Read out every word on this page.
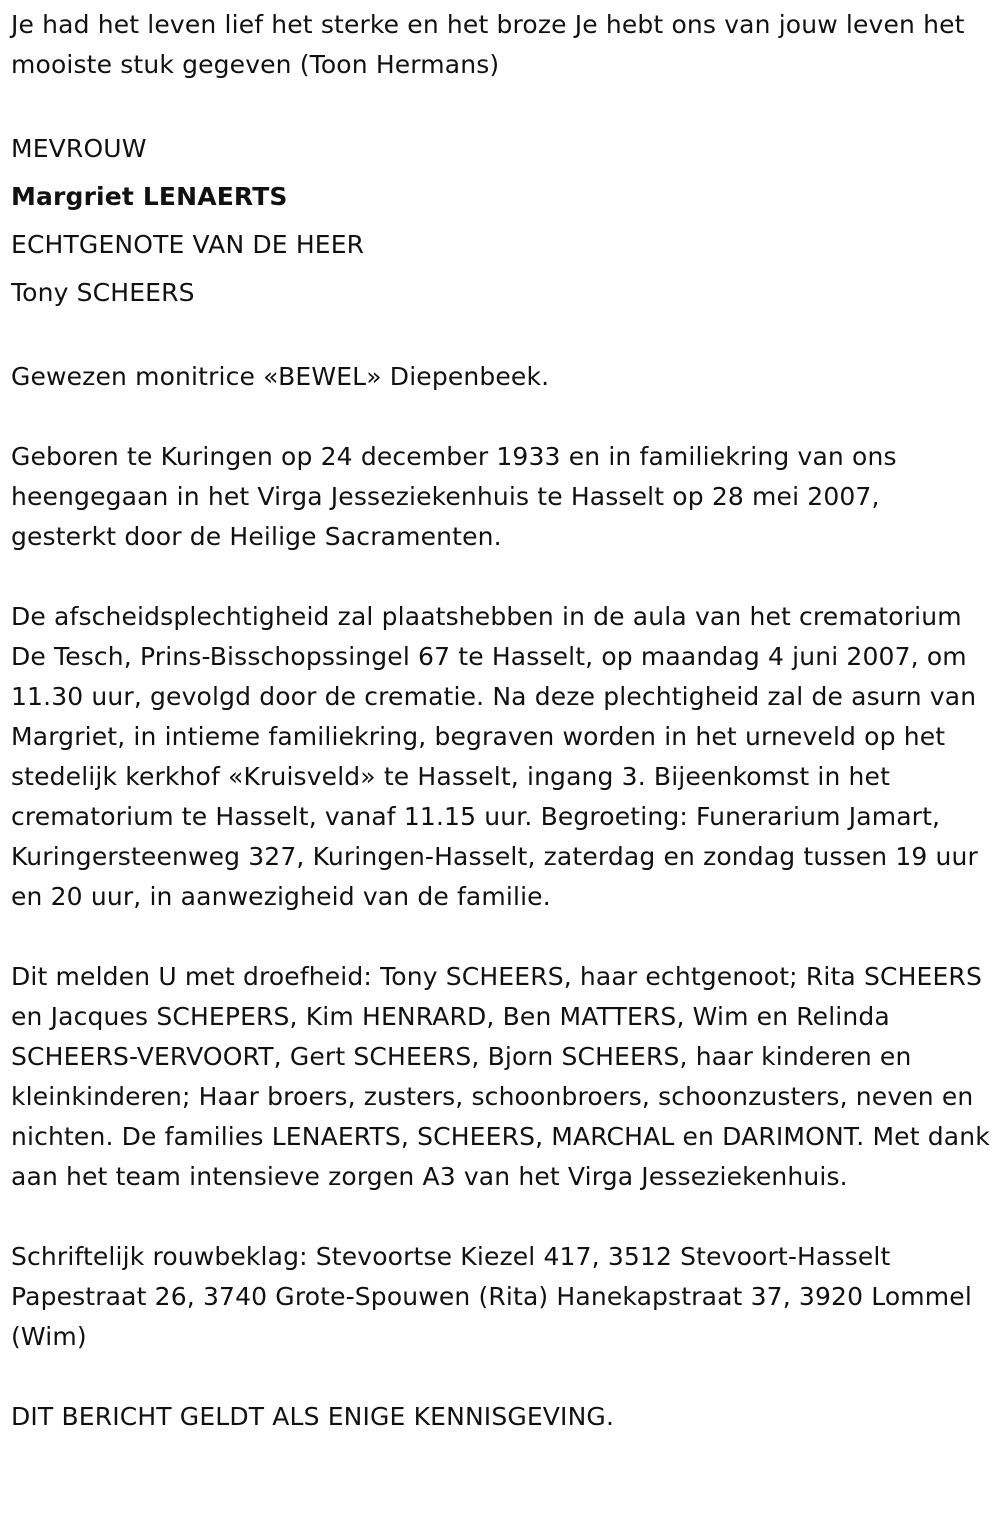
Je had het leven lief het sterke en het broze Je hebt ons van jouw leven het mooiste stuk gegeven (Toon Hermans)

MEVROUW

Margriet LENAERTS

ECHTGENOTE VAN DE HEER

Tony SCHEERS

Gewezen monitrice «BEWEL» Diepenbeek.

Geboren te Kuringen op 24 december 1933 en in familiekring van ons heengegaan in het Virga Jesseziekenhuis te Hasselt op 28 mei 2007, gesterkt door de Heilige Sacramenten.

De afscheidsplechtigheid zal plaatshebben in de aula van het crematorium De Tesch, Prins-Bisschopssingel 67 te Hasselt, op maandag 4 juni 2007, om 11.30 uur, gevolgd door de crematie. Na deze plechtigheid zal de asurn van Margriet, in intieme familiekring, begraven worden in het urneveld op het stedelijk kerkhof «Kruisveld» te Hasselt, ingang 3. Bijeenkomst in het crematorium te Hasselt, vanaf 11.15 uur. Begroeting: Funerarium Jamart, Kuringersteenweg 327, Kuringen-Hasselt, zaterdag en zondag tussen 19 uur en 20 uur, in aanwezigheid van de familie.

Dit melden U met droefheid: Tony SCHEERS, haar echtgenoot; Rita SCHEERS en Jacques SCHEPERS, Kim HENRARD, Ben MATTERS, Wim en Relinda SCHEERS-VERVOORT, Gert SCHEERS, Bjorn SCHEERS, haar kinderen en kleinkinderen; Haar broers, zusters, schoonbroers, schoonzusters, neven en nichten. De families LENAERTS, SCHEERS, MARCHAL en DARIMONT. Met dank aan het team intensieve zorgen A3 van het Virga Jesseziekenhuis.

Schriftelijk rouwbeklag: Stevoortse Kiezel 417, 3512 Stevoort-Hasselt Papestraat 26, 3740 Grote-Spouwen (Rita) Hanekapstraat 37, 3920 Lommel (Wim)

DIT BERICHT GELDT ALS ENIGE KENNISGEVING.
